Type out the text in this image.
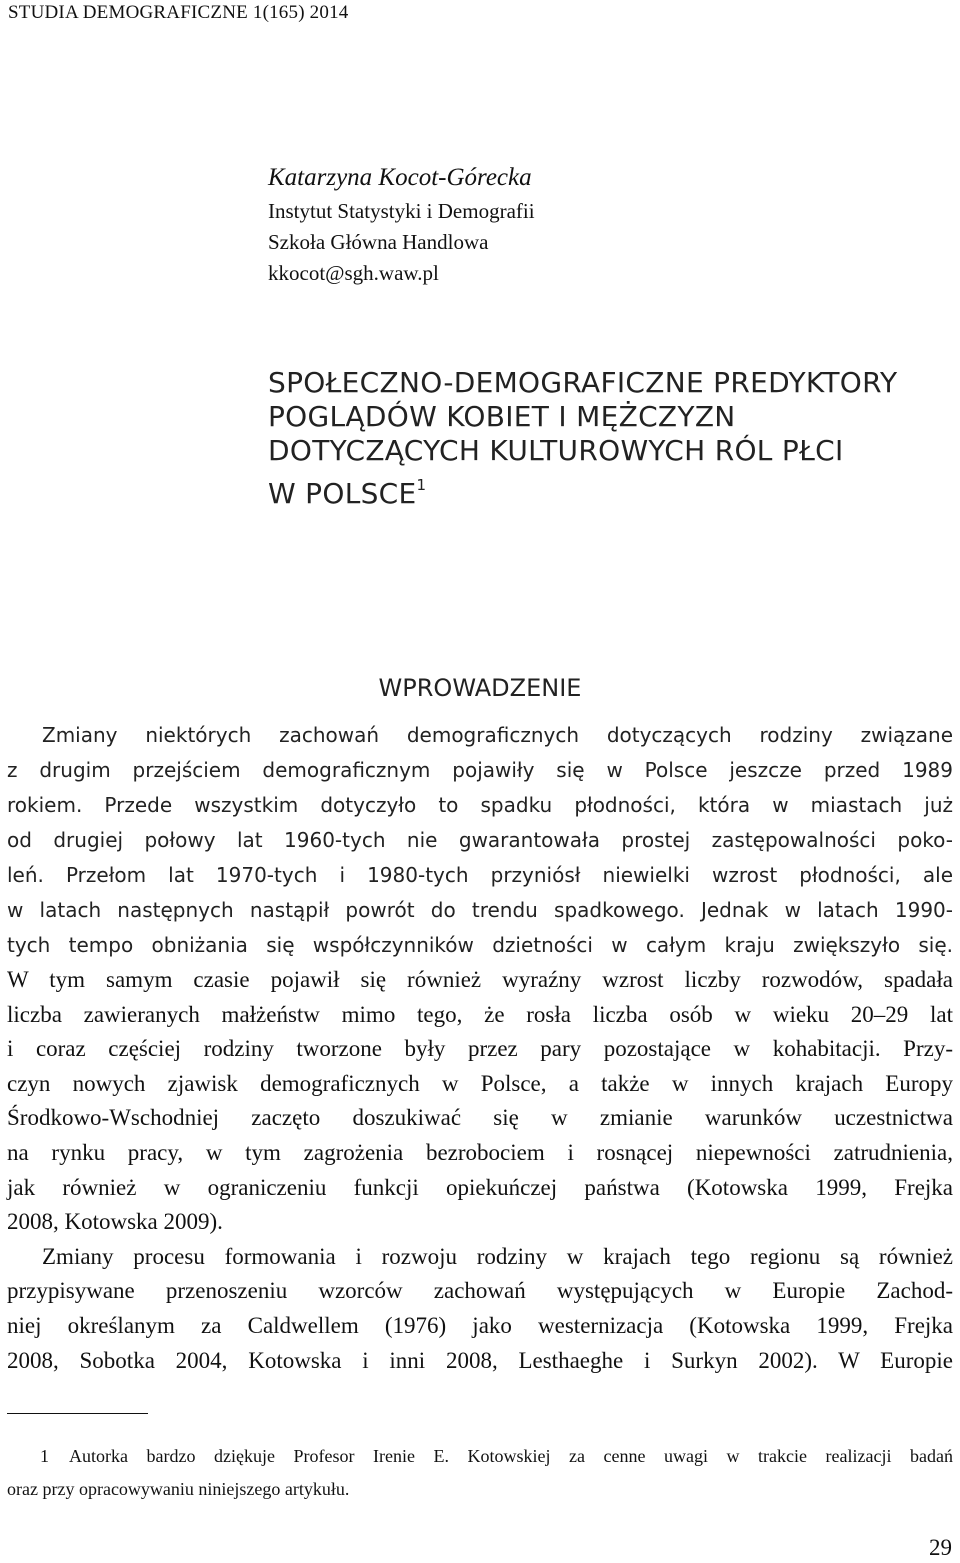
STUDIA DEMOGRAFICZNE 1(165) 2014
Katarzyna Kocot-Górecka
Instytut Statystyki i Demografii
Szkoła Główna Handlowa
kkocot@sgh.waw.pl
SPOŁECZNO-DEMOGRAFICZNE PREDYKTORY
POGLĄDÓW KOBIET I MĘŻCZYZN
DOTYCZĄCYCH KULTUROWYCH RÓL PŁCI
W POLSCE$^1$
WPROWADZENIE
Zmiany niektórych zachowań demograficznych dotyczących rodziny związane
z drugim przejściem demograficznym pojawiły się w Polsce jeszcze przed 1989
rokiem. Przede wszystkim dotyczyło to spadku płodności, która w miastach już
od drugiej połowy lat 1960-tych nie gwarantowała prostej zastępowalności poko-
leń. Przełom lat 1970-tych i 1980-tych przyniósł niewielki wzrost płodności, ale
w latach następnych nastąpił powrót do trendu spadkowego. Jednak w latach 1990-
tych tempo obniżania się współczynników dzietności w całym kraju zwiększyło się.
W tym samym czasie pojawił się również wyraźny wzrost liczby rozwodów, spadała
liczba zawieranych małżeństw mimo tego, że rosła liczba osób w wieku 20–29 lat
i coraz częściej rodziny tworzone były przez pary pozostające w kohabitacji. Przy-
czyn nowych zjawisk demograficznych w Polsce, a także w innych krajach Europy
Środkowo-Wschodniej zaczęto doszukiwać się w zmianie warunków uczestnictwa
na rynku pracy, w tym zagrożenia bezrobociem i rosnącej niepewności zatrudnienia,
jak również w ograniczeniu funkcji opiekuńczej państwa (Kotowska 1999, Frejka
2008, Kotowska 2009).
Zmiany procesu formowania i rozwoju rodziny w krajach tego regionu są również
przypisywane przenoszeniu wzorców zachowań występujących w Europie Zachod-
niej określanym za Caldwellem (1976) jako westernizacja (Kotowska 1999, Frejka
2008, Sobotka 2004, Kotowska i inni 2008, Lesthaeghe i Surkyn 2002). W Europie
1 Autorka bardzo dziękuje Profesor Irenie E. Kotowskiej za cenne uwagi w trakcie realizacji badań
oraz przy opracowywaniu niniejszego artykułu.
29
